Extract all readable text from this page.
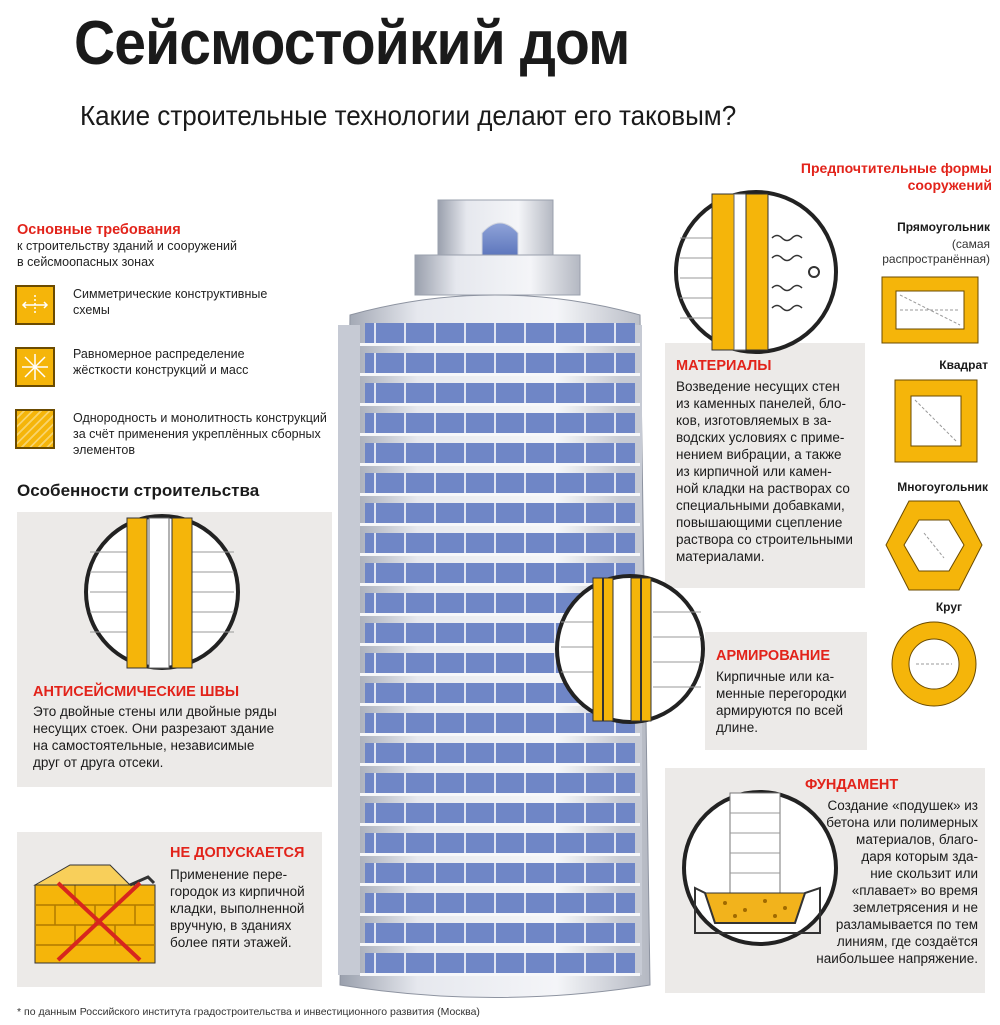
Сейсмостойкий дом
Какие строительные технологии делают его таковым?
Основные требования
к строительству зданий и сооружений
в сейсмоопасных зонах
Симметрические конструктивные
схемы
Равномерное распределение
жёсткости конструкций и масс
Однородность и монолитность конструкций
за счёт применения укреплённых сборных
элементов
Особенности строительства
АНТИСЕЙСМИЧЕСКИЕ ШВЫ
Это двойные стены или двойные ряды
несущих стоек. Они разрезают здание
на самостоятельные, независимые
друг от друга отсеки.
НЕ ДОПУСКАЕТСЯ
Применение пере-
городок из кирпичной
кладки, выполненной
вручную, в зданиях
более пяти этажей.
МАТЕРИАЛЫ
Возведение несущих стен
из каменных панелей, бло-
ков, изготовляемых в за-
водских условиях с приме-
нением вибрации, а также
из кирпичной или камен-
ной кладки на растворах со
специальными добавками,
повышающими сцепление
раствора со строительными
материалами.
АРМИРОВАНИЕ
Кирпичные или ка-
менные перегородки
армируются по всей
длине.
ФУНДАМЕНТ
Создание «подушек» из
бетона или полимерных
материалов, благо-
даря которым зда-
ние скользит или
«плавает» во время
землетрясения и не
разламывается по тем
линиям, где создаётся
наибольшее напряжение.
Предпочтительные формы
сооружений
Прямоугольник
(самая
распространённая)
Квадрат
Многоугольник
Круг
* по данным Российского института градостроительства и инвестиционного развития (Москва)
